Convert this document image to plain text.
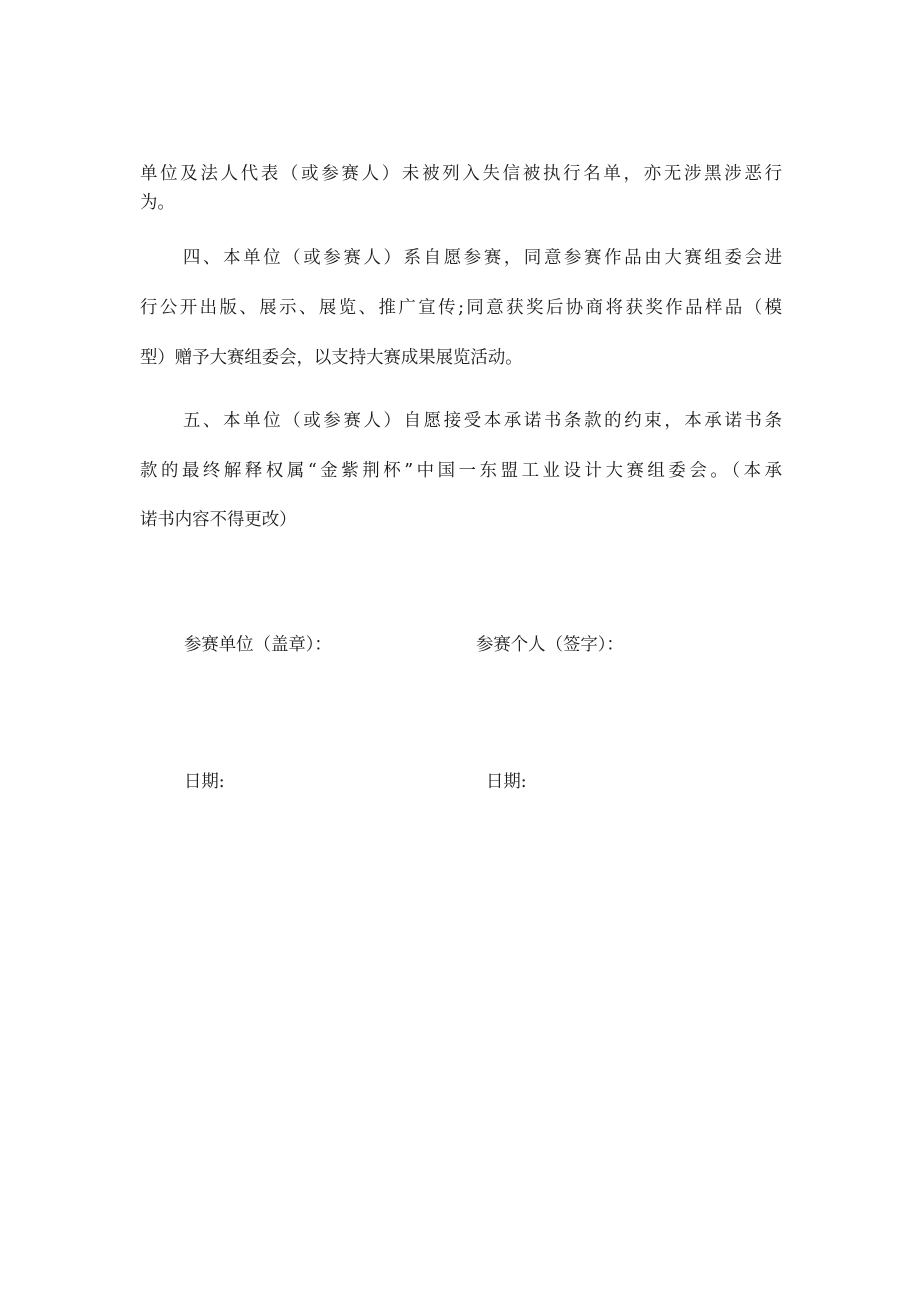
单位及法人代表（或参赛人）未被列入失信被执行名单，亦无涉黑涉恶行
为。
四、本单位（或参赛人）系自愿参赛，同意参赛作品由大赛组委会进
行公开出版、展示、展览、推广宣传;同意获奖后协商将获奖作品样品（模
型）赠予大赛组委会，以支持大赛成果展览活动。
五、本单位（或参赛人）自愿接受本承诺书条款的约束，本承诺书条
款的最终解释权属“金紫荆杯”中国一东盟工业设计大赛组委会。（本承
诺书内容不得更改）
参赛单位（盖章）：	参赛个人（签字）：
日期:	日期:
